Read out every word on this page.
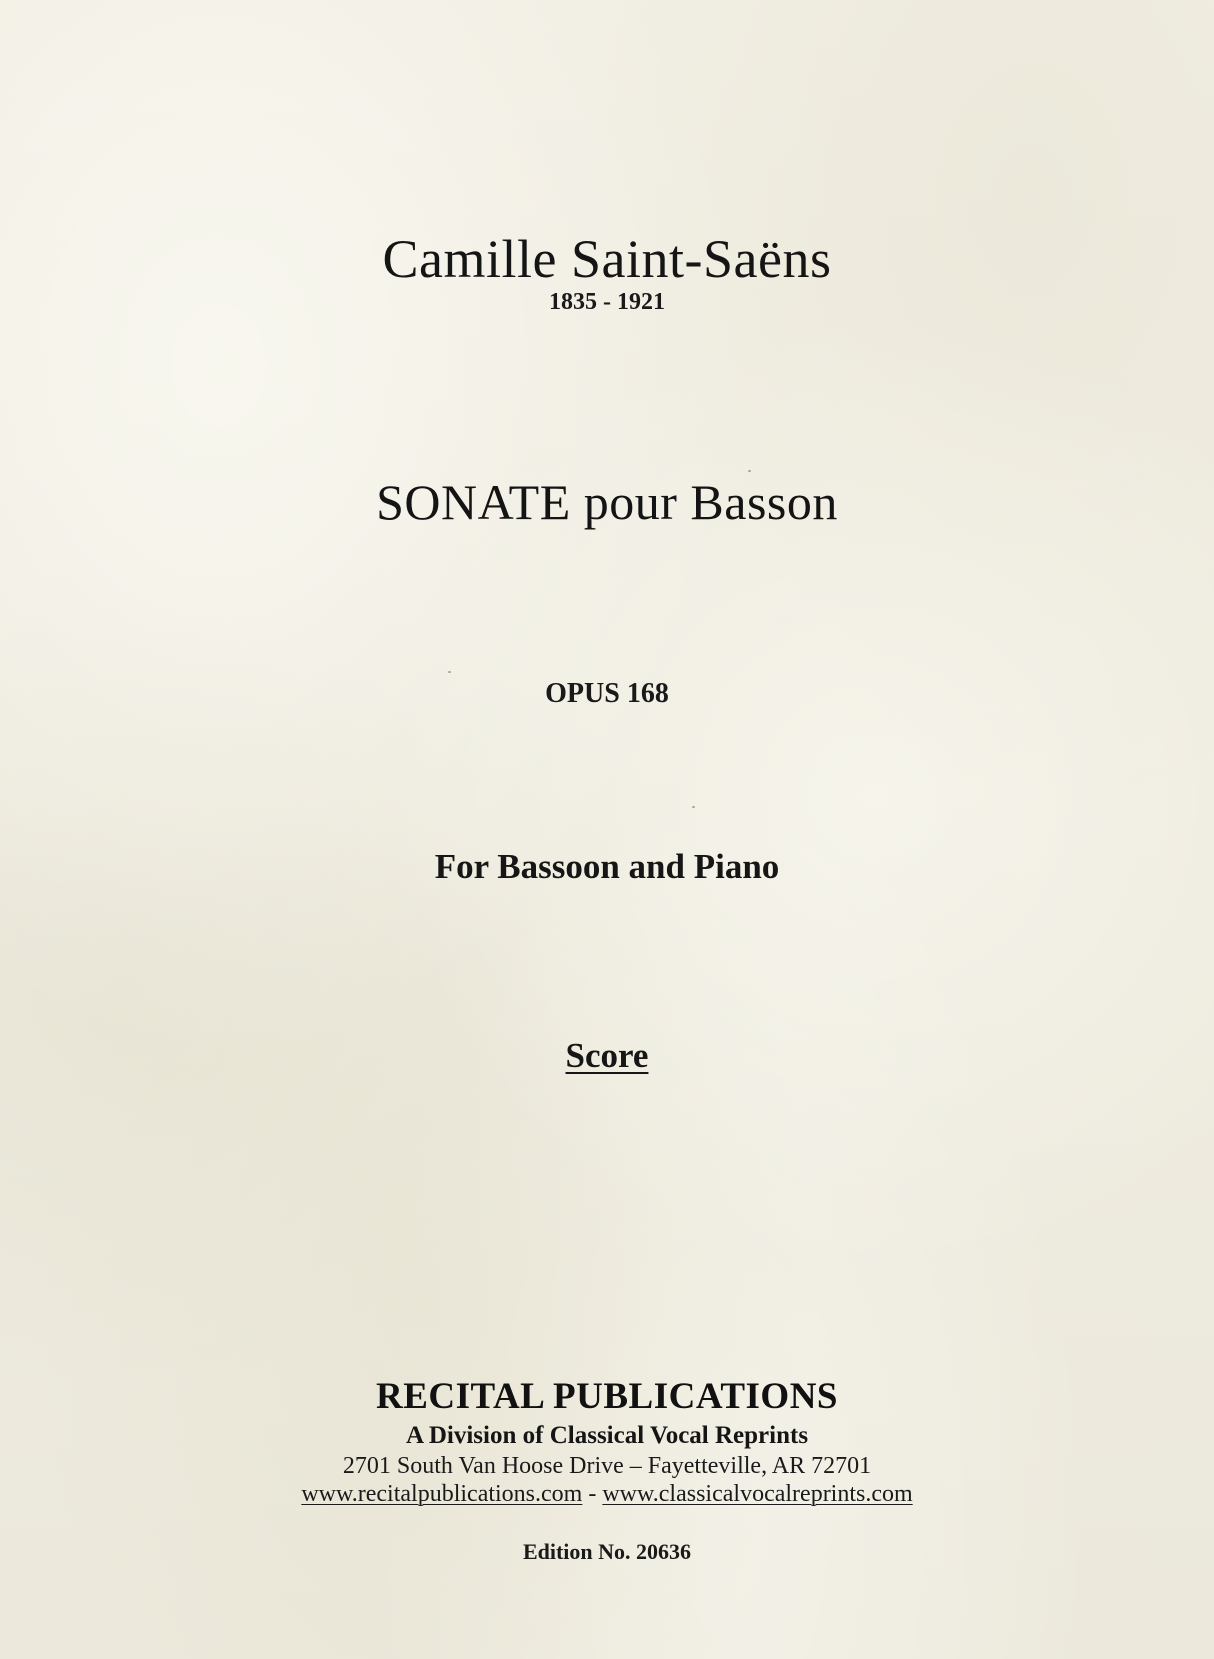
Camille Saint-Saëns

1835 - 1921

SONATE pour Basson

OPUS 168

For Bassoon and Piano

Score

RECITAL PUBLICATIONS

A Division of Classical Vocal Reprints

2701 South Van Hoose Drive – Fayetteville, AR 72701

www.recitalpublications.com - www.classicalvocalreprints.com

Edition No. 20636
